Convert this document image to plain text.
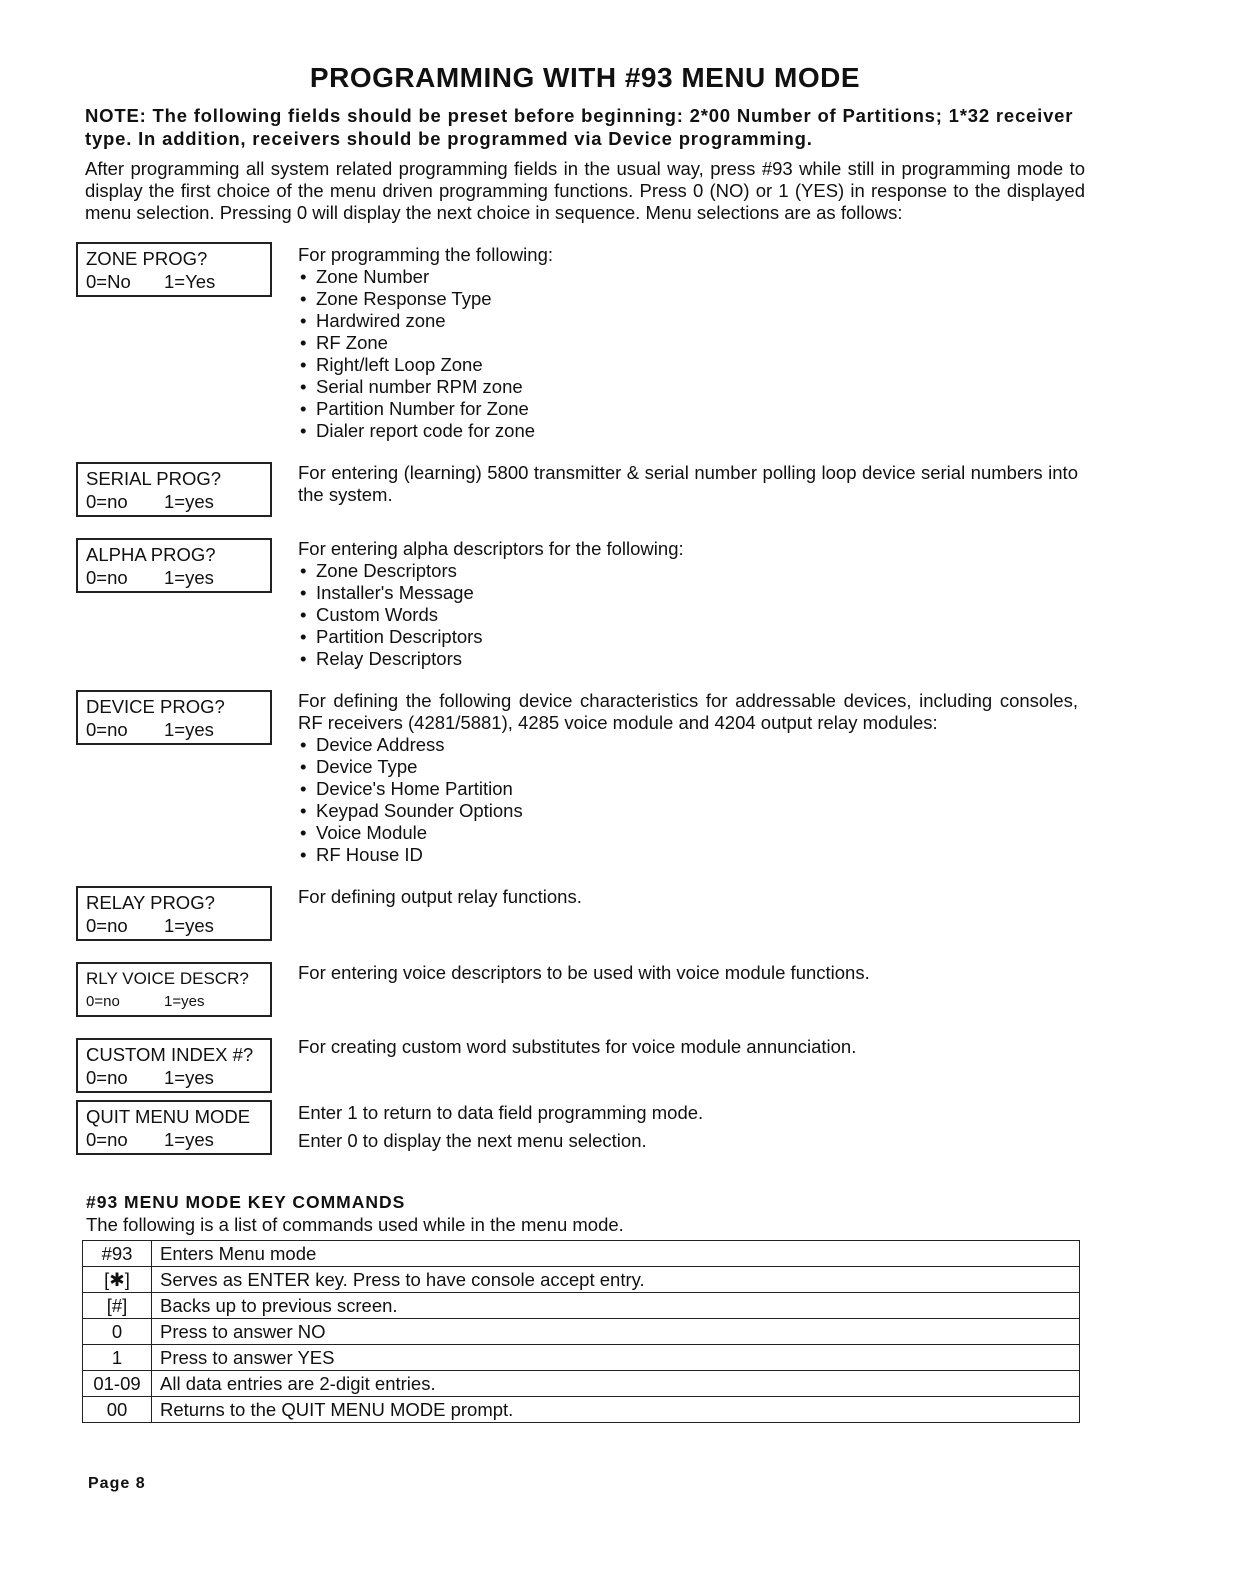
PROGRAMMING WITH #93 MENU MODE
NOTE: The following fields should be preset before beginning: 2*00 Number of Partitions; 1*32 receiver type. In addition, receivers should be programmed via Device programming.
After programming all system related programming fields in the usual way, press #93 while still in programming mode to display the first choice of the menu driven programming functions. Press 0 (NO) or 1 (YES) in response to the displayed menu selection. Pressing 0 will display the next choice in sequence. Menu selections are as follows:
ZONE PROG?
0=No	1=Yes
For programming the following:
• Zone Number
• Zone Response Type
• Hardwired zone
• RF Zone
• Right/left Loop Zone
• Serial number RPM zone
• Partition Number for Zone
• Dialer report code for zone
SERIAL PROG?
0=no	1=yes
For entering (learning) 5800 transmitter & serial number polling loop device serial numbers into the system.
ALPHA PROG?
0=no	1=yes
For entering alpha descriptors for the following:
• Zone Descriptors
• Installer's Message
• Custom Words
• Partition Descriptors
• Relay Descriptors
DEVICE PROG?
0=no	1=yes
For defining the following device characteristics for addressable devices, including consoles, RF receivers (4281/5881), 4285 voice module and 4204 output relay modules:
• Device Address
• Device Type
• Device's Home Partition
• Keypad Sounder Options
• Voice Module
• RF House ID
RELAY PROG?
0=no	1=yes
For defining output relay functions.
RLY VOICE DESCR?
0=no	1=yes
For entering voice descriptors to be used with voice module functions.
CUSTOM INDEX #?
0=no	1=yes
For creating custom word substitutes for voice module annunciation.
QUIT MENU MODE
0=no	1=yes
Enter 1 to return to data field programming mode.
Enter 0 to display the next menu selection.
#93 MENU MODE KEY COMMANDS
The following is a list of commands used while in the menu mode.
#93	Enters Menu mode
[✱]	Serves as ENTER key. Press to have console accept entry.
[#]	Backs up to previous screen.
0	Press to answer NO
1	Press to answer YES
01-09	All data entries are 2-digit entries.
00	Returns to the QUIT MENU MODE prompt.
Page 8
